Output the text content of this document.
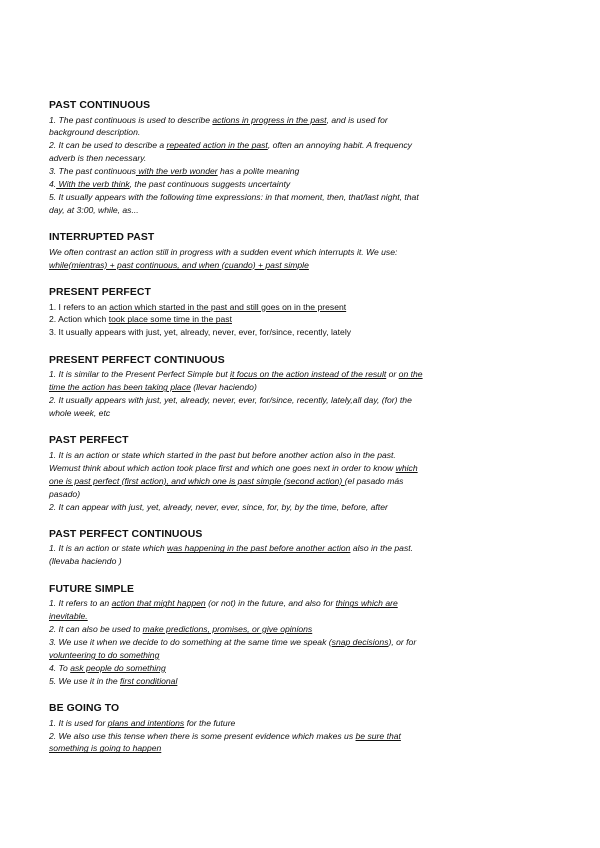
PAST CONTINUOUS
1. The past continuous is used to describe actions in progress in the past, and is used for
background description.
2. It can be used to describe a repeated action in the past, often an annoying habit. A frequency
adverb is then necessary.
3. The past continuous with the verb wonder has a polite meaning
4. With the verb think, the past continuous suggests uncertainty
5. It usually appears with the following time expressions: in that moment, then, that/last night, that
day, at 3:00, while, as...
INTERRUPTED PAST
We often contrast an action still in progress with a sudden event which interrupts it. We use:
while(mientras) + past continuous, and when (cuando) + past simple
PRESENT PERFECT
1. I refers to an action which started in the past and still goes on in the present
2. Action which took place some time in the past
3. It usually appears with just, yet, already, never, ever, for/since, recently, lately
PRESENT PERFECT CONTINUOUS
1. It is similar to the Present Perfect Simple but it focus on the action instead of the result or on the
time the action has been taking place (llevar haciendo)
2. It usually appears with just, yet, already, never, ever, for/since, recently, lately,all day, (for) the
whole week, etc
PAST PERFECT
1. It is an action or state which started in the past but before another action also in the past.
Wemust think about which action took place first and which one goes next in order to know which
one is past perfect (first action), and which one is past simple (second action) (el pasado más
pasado)
2. It can appear with just, yet, already, never, ever, since, for, by, by the time, before, after
PAST PERFECT CONTINUOUS
1. It is an action or state which was happening in the past before another action also in the past.
(llevaba haciendo )
FUTURE SIMPLE
1. It refers to an action that might happen (or not) in the future, and also for things which are
inevitable.
2. It can also be used to make predictions, promises, or give opinions
3. We use it when we decide to do something at the same time we speak (snap decisions), or for
volunteering to do something
4. To ask people do something
5. We use it in the first conditional
BE GOING TO
1. It is used for plans and intentions for the future
2. We also use this tense when there is some present evidence which makes us be sure that
something is going to happen
